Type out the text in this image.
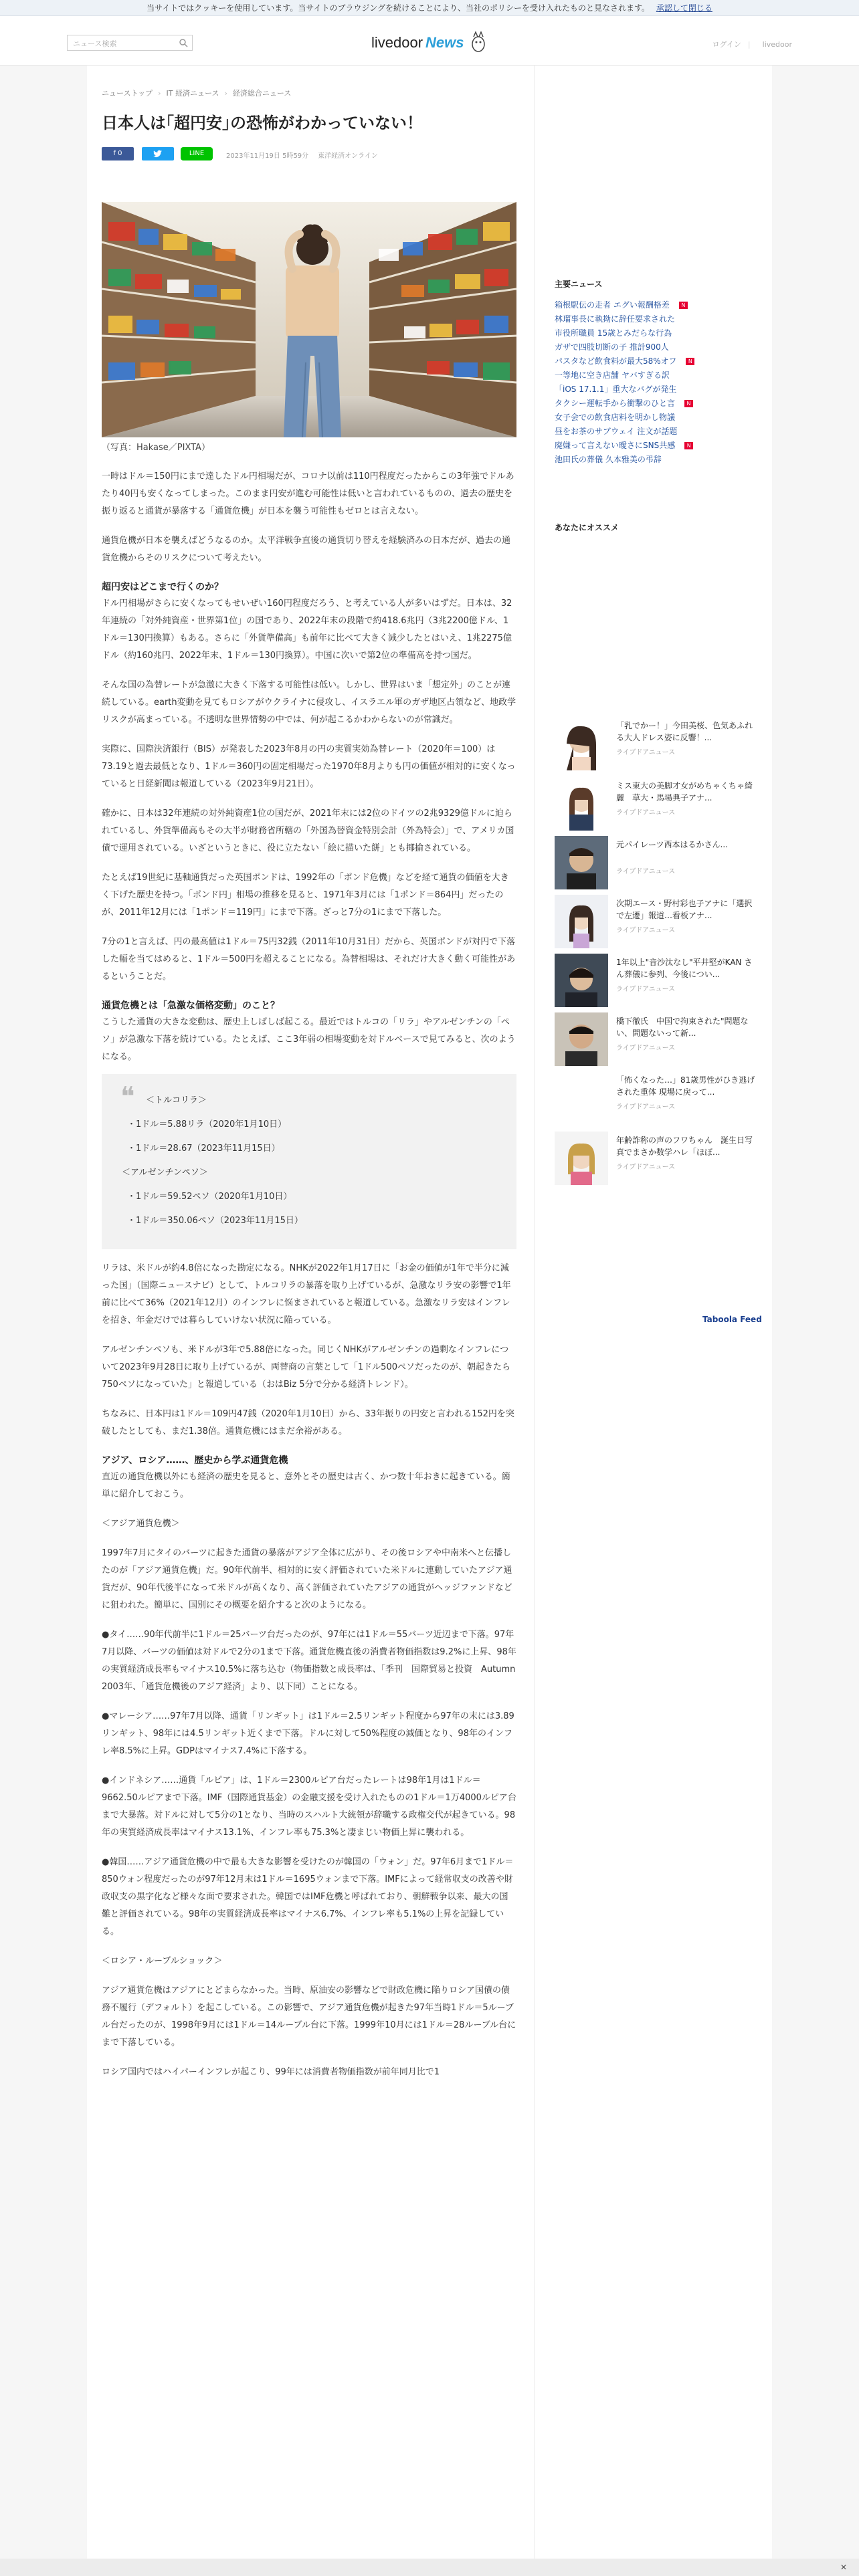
当サイトではクッキーを使用しています。当サイトのブラウジングを続けることにより、当社のポリシーを受け入れたものと見なされます。 承認して閉じる
ニュース検索	livedoor News	ログイン | livedoor
ニューストップ › IT 経済ニュース › 経済総合ニュース
日本人は｢超円安｣の恐怖がわかっていない！
f 0	LINE	2023年11月19日 5時59分 東洋経済オンライン
（写真：Hakase／PIXTA）

一時はドル＝150円にまで達したドル円相場だが、コロナ以前は110円程度だったからこの3年強でドルあたり40円も安くなってしまった。このまま円安が進む可能性は低いと言われているものの、過去の歴史を振り返ると通貨が暴落する「通貨危機」が日本を襲う可能性もゼロとは言えない。

通貨危機が日本を襲えばどうなるのか。太平洋戦争直後の通貨切り替えを経験済みの日本だが、過去の通貨危機からそのリスクについて考えたい。

超円安はどこまで行くのか？

ドル円相場がさらに安くなってもせいぜい160円程度だろう、と考えている人が多いはずだ。日本は、32年連続の「対外純資産・世界第1位」の国であり、2022年末の段階で約418.6兆円（3兆2200億ドル、1ドル＝130円換算）もある。さらに「外貨準備高」も前年に比べて大きく減少したとはいえ、1兆2275億ドル（約160兆円、2022年末、1ドル＝130円換算）。中国に次いで第2位の準備高を持つ国だ。

そんな国の為替レートが急激に大きく下落する可能性は低い。しかし、世界はいま「想定外」のことが連続している。earth変動を見てもロシアがウクライナに侵攻し、イスラエル軍のガザ地区占領など、地政学リスクが高まっている。不透明な世界情勢の中では、何が起こるかわからないのが常識だ。

実際に、国際決済銀行（BIS）が発表した2023年8月の円の実質実効為替レート（2020年＝100）は73.19と過去最低となり、1ドル＝360円の固定相場だった1970年8月よりも円の価値が相対的に安くなっていると日経新聞は報道している（2023年9月21日）。

確かに、日本は32年連続の対外純資産1位の国だが、2021年末には2位のドイツの2兆9329億ドルに迫られているし、外貨準備高もその大半が財務省所轄の「外国為替資金特別会計（外為特会）」で、アメリカ国債で運用されている。いざというときに、役に立たない「絵に描いた餅」とも揶揄されている。

たとえば19世紀に基軸通貨だった英国ポンドは、1992年の「ポンド危機」などを経て通貨の価値を大きく下げた歴史を持つ。「ポンド円」相場の推移を見ると、1971年3月には「1ポンド＝864円」だったのが、2011年12月には「1ポンド＝119円」にまで下落。ざっと7分の1にまで下落した。

7分の1と言えば、円の最高値は1ドル＝75円32銭（2011年10月31日）だから、英国ポンドが対円で下落した幅を当てはめると、1ドル＝500円を超えることになる。為替相場は、それだけ大きく動く可能性があるということだ。

通貨危機とは「急激な価格変動」のこと？

こうした通貨の大きな変動は、歴史上しばしば起こる。最近ではトルコの「リラ」やアルゼンチンの「ペソ」が急激な下落を続けている。たとえば、ここ3年弱の相場変動を対ドルベースで見てみると、次のようになる。

❝	＜トルコリラ＞
・1ドル＝5.88リラ（2020年1月10日）
・1ドル＝28.67（2023年11月15日）
＜アルゼンチンペソ＞
・1ドル＝59.52ペソ（2020年1月10日）
・1ドル＝350.06ペソ（2023年11月15日）

リラは、米ドルが約4.8倍になった勘定になる。NHKが2022年1月17日に「お金の価値が1年で半分に減った国」（国際ニュースナビ）として、トルコリラの暴落を取り上げているが、急激なリラ安の影響で1年前に比べて36%（2021年12月）のインフレに悩まされていると報道している。急激なリラ安はインフレを招き、年金だけでは暮らしていけない状況に陥っている。

アルゼンチンペソも、米ドルが3年で5.88倍になった。同じくNHKがアルゼンチンの過剰なインフレについて2023年9月28日に取り上げているが、両替商の言葉として「1ドル500ペソだったのが、朝起きたら750ペソになっていた」と報道している（おはBiz 5分で分かる経済トレンド）。

ちなみに、日本円は1ドル＝109円47銭（2020年1月10日）から、33年振りの円安と言われる152円を突破したとしても、まだ1.38倍。通貨危機にはまだ余裕がある。

アジア、ロシア……、歴史から学ぶ通貨危機

直近の通貨危機以外にも経済の歴史を見ると、意外とその歴史は古く、かつ数十年おきに起きている。簡単に紹介しておこう。

＜アジア通貨危機＞

1997年7月にタイのバーツに起きた通貨の暴落がアジア全体に広がり、その後ロシアや中南米へと伝播したのが「アジア通貨危機」だ。90年代前半、相対的に安く評価されていた米ドルに連動していたアジア通貨だが、90年代後半になって米ドルが高くなり、高く評価されていたアジアの通貨がヘッジファンドなどに狙われた。簡単に、国別にその概要を紹介すると次のようになる。

●タイ……90年代前半に1ドル＝25バーツ台だったのが、97年には1ドル＝55バーツ近辺まで下落。97年7月以降、バーツの価値は対ドルで2分の1まで下落。通貨危機直後の消費者物価指数は9.2%に上昇、98年の実質経済成長率もマイナス10.5%に落ち込む（物価指数と成長率は、「季刊　国際貿易と投資　Autumn　2003年、「通貨危機後のアジア経済」より、以下同）ことになる。

●マレーシア……97年7月以降、通貨「リンギット」は1ドル＝2.5リンギット程度から97年の末には3.89リンギット、98年には4.5リンギット近くまで下落。ドルに対して50%程度の減価となり、98年のインフレ率8.5%に上昇。GDPはマイナス7.4%に下落する。

●インドネシア……通貨「ルピア」は、1ドル＝2300ルピア台だったレートは98年1月は1ドル＝9662.50ルピアまで下落。IMF（国際通貨基金）の金融支援を受け入れたものの1ドル＝1万4000ルピア台まで大暴落。対ドルに対して5分の1となり、当時のスハルト大統領が辞職する政権交代が起きている。98年の実質経済成長率はマイナス13.1%、インフレ率も75.3%と凄まじい物価上昇に襲われる。

●韓国……アジア通貨危機の中で最も大きな影響を受けたのが韓国の「ウォン」だ。97年6月まで1ドル＝850ウォン程度だったのが97年12月末は1ドル＝1695ウォンまで下落。IMFによって経常収支の改善や財政収支の黒字化など様々な面で要求された。韓国ではIMF危機と呼ばれており、朝鮮戦争以来、最大の国難と評価されている。98年の実質経済成長率はマイナス6.7%、インフレ率も5.1%の上昇を記録している。

＜ロシア・ルーブルショック＞

アジア通貨危機はアジアにとどまらなかった。当時、原油安の影響などで財政危機に陥りロシア国債の債務不履行（デフォルト）を起こしている。この影響で、アジア通貨危機が起きた97年当時1ドル＝5ルーブル台だったのが、1998年9月には1ドル＝14ルーブル台に下落。1999年10月には1ドル＝28ルーブル台にまで下落している。

ロシア国内ではハイパーインフレが起こり、99年には消費者物価指数が前年同月比で1

主要ニュース
箱根駅伝の走者 エグい報酬格差 N
林瑠事長に執拗に辞任要求された
市役所職員 15歳とみだらな行為
ガザで四肢切断の子 推計900人
パスタなど飲食料が最大58%オフ N
一等地に空き店舗 ヤバすぎる訳
「iOS 17.1.1」重大なバグが発生
タクシー運転手から衝撃のひと言 N
女子会での飲食店料を明かし物議
昼をお茶のサブウェイ 注文が話題
廃嫌って言えない曖さにSNS共感 N
池田氏の葬儀 久本雅美の弔辞
あなたにオススメ
「乳でかー！」今田美桜、色気あふれる大人ドレス姿に反響！...
ライブドアニュース
ミス東大の美脚才女がめちゃくちゃ綺麗　草大・馬場典子アナ...
ライブドアニュース
元パイレーツ西本はるかさん...
ライブドアニュース
次期エース・野村彩也子アナに「選択で左遷」報道…看板アナ...
ライブドアニュース
1年以上"音沙汰なし"平井堅がKAN さん葬儀に参列、今後につい...
ライブドアニュース
橋下徹氏　中国で拘束された"問題ない、問題ないって新...
ライブドアニュース
「怖くなった…」81歳男性がひき逃げされた重体 現場に戻って...
ライブドアニュース
年齢詐称の声のフワちゃん　誕生日写真でまさか数学ハレ「ほぼ...
ライブドアニュース
Taboola Feed
✕
